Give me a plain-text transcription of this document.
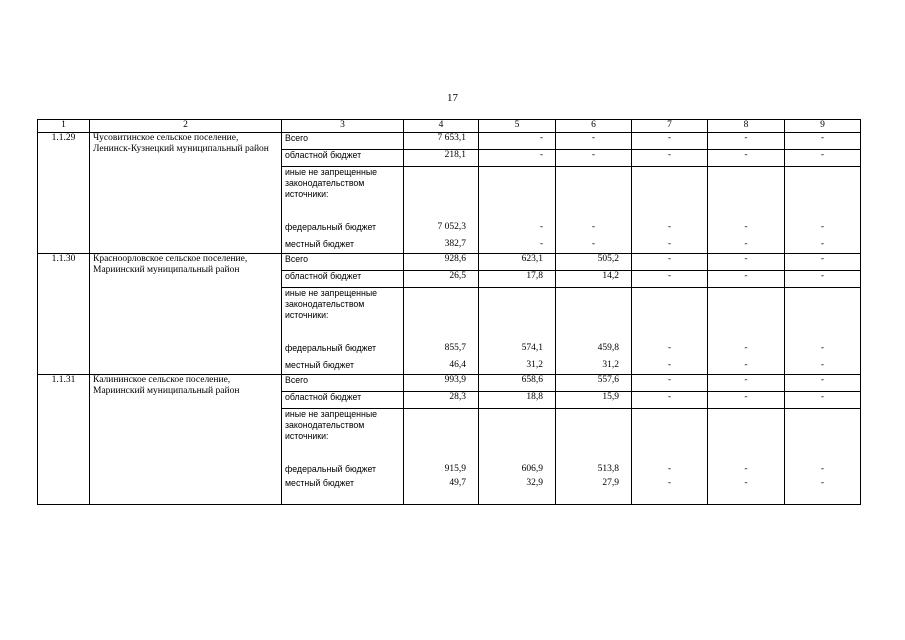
17
1	2	3	4	5	6	7	8	9
1.1.29	Чусовитинское сельское поселение, Ленинск-Кузнецкий муниципальный район	Всего	7 653,1	-	-	-	-	-
		областной бюджет	218,1	-	-	-	-	-
		иные не запрещенные законодательством источники:						
		федеральный бюджет	7 052,3	-	-	-	-	-
		местный бюджет	382,7	-	-	-	-	-
1.1.30	Красноорловское сельское поселение, Мариинский муниципальный район	Всего	928,6	623,1	505,2	-	-	-
		областной бюджет	26,5	17,8	14,2	-	-	-
		иные не запрещенные законодательством источники:						
		федеральный бюджет	855,7	574,1	459,8	-	-	-
		местный бюджет	46,4	31,2	31,2	-	-	-
1.1.31	Калининское сельское поселение, Мариинский муниципальный район	Всего	993,9	658,6	557,6	-	-	-
		областной бюджет	28,3	18,8	15,9	-	-	-
		иные не запрещенные законодательством источники:						
		федеральный бюджет	915,9	606,9	513,8	-	-	-
		местный бюджет	49,7	32,9	27,9	-	-	-
